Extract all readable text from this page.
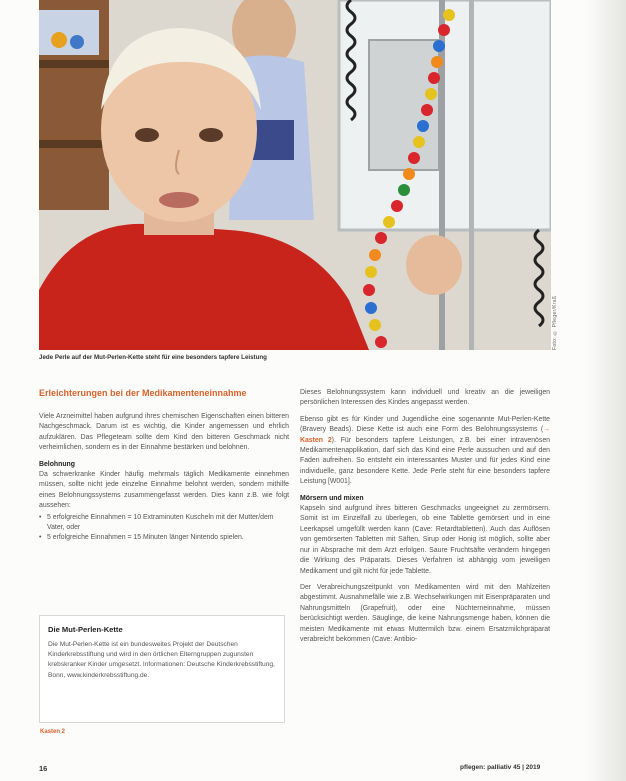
Foto: © Pfleger/Kraß
Jede Perle auf der Mut-Perlen-Kette steht für eine besonders tapfere Leistung

Erleichterungen bei der Medikamenteneinnahme

Viele Arzneimittel haben aufgrund ihres chemischen Eigenschaften einen bitteren Nachgeschmack. Darum ist es wichtig, die Kinder angemessen und ehrlich aufzuklären. Das Pflegeteam sollte dem Kind den bitteren Geschmack nicht verheimlichen, sondern es in der Einnahme bestärken und belohnen.

Belohnung

Da schwerkranke Kinder häufig mehrmals täglich Medikamente einnehmen müssen, sollte nicht jede einzelne Einnahme belohnt werden, sondern mithilfe eines Belohnungssystems zusammengefasst werden. Dies kann z.B. wie folgt aussehen:

• 5 erfolgreiche Einnahmen = 10 Extraminuten Kuscheln mit der Mutter/dem Vater, oder
• 5 erfolgreiche Einnahmen = 15 Minuten länger Nintendo spielen.

Die Mut-Perlen-Kette

Die Mut-Perlen-Kette ist ein bundesweites Projekt der Deutschen Kinderkrebsstiftung und wird in den örtlichen Elterngruppen zugunsten krebskranker Kinder umgesetzt. Informationen: Deutsche Kinderkrebsstiftung, Bonn, www.kinderkrebsstiftung.de.

Kasten 2

Dieses Belohnungssystem kann individuell und kreativ an die jeweiligen persönlichen Interessen des Kindes angepasst werden.

Ebenso gibt es für Kinder und Jugendliche eine sogenannte Mut-Perlen-Kette (Bravery Beads). Diese Kette ist auch eine Form des Belohnungssystems (→ Kasten 2). Für besonders tapfere Leistungen, z.B. bei einer intravenösen Medikamentenapplikation, darf sich das Kind eine Perle aussuchen und auf den Faden aufreihen. So entsteht ein interessantes Muster und für jedes Kind eine individuelle, ganz besondere Kette. Jede Perle steht für eine besonders tapfere Leistung [W001].

Mörsern und mixen

Kapseln sind aufgrund ihres bitteren Geschmacks ungeeignet zu zermörsern. Somit ist im Einzelfall zu überlegen, ob eine Tablette gemörsert und in eine Leerkapsel umgefüllt werden kann (Cave: Retardtabletten). Auch das Auflösen von gemörserten Tabletten mit Säften, Sirup oder Honig ist möglich, sollte aber nur in Absprache mit dem Arzt erfolgen. Saure Fruchtsäfte verändern hingegen die Wirkung des Präparats. Dieses Verfahren ist abhängig vom jeweiligen Medikament und gilt nicht für jede Tablette.

Der Verabreichungszeitpunkt von Medikamenten wird mit den Mahlzeiten abgestimmt. Ausnahmefälle wie z.B. Wechselwirkungen mit Eisenpräparaten und Nahrungsmitteln (Grapefruit), oder eine Nüchterneinnahme, müssen berücksichtigt werden. Säuglinge, die keine Nahrungsmenge haben, können die meisten Medikamente mit etwas Muttermilch bzw. einem Ersatzmilchpräparat verabreicht bekommen (Cave: Antibio-

16	pflegen: palliativ 45 | 2019
